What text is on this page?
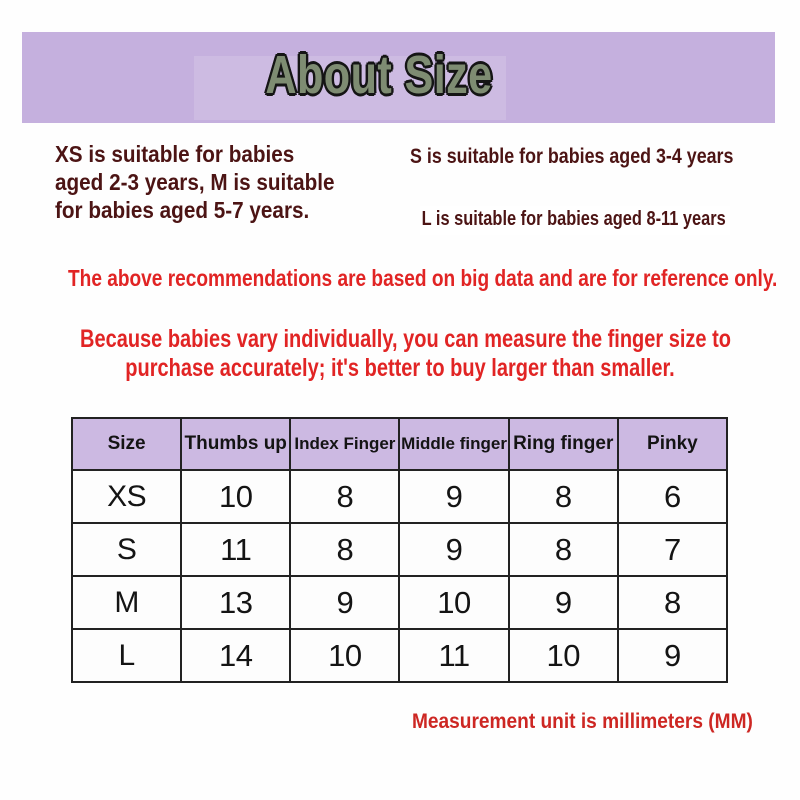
About Size
XS is suitable for babies
aged 2-3 years, M is suitable
for babies aged 5-7 years.
S is suitable for babies aged 3-4 years
L is suitable for babies aged 8-11 years
The above recommendations are based on big data and are for reference only.
Because babies vary individually, you can measure the finger size to
purchase accurately; it's better to buy larger than smaller.
Size	Thumbs up	Index Finger	Middle finger	Ring finger	Pinky
XS	10	8	9	8	6
S	11	8	9	8	7
M	13	9	10	9	8
L	14	10	11	10	9
Measurement unit is millimeters (MM)
